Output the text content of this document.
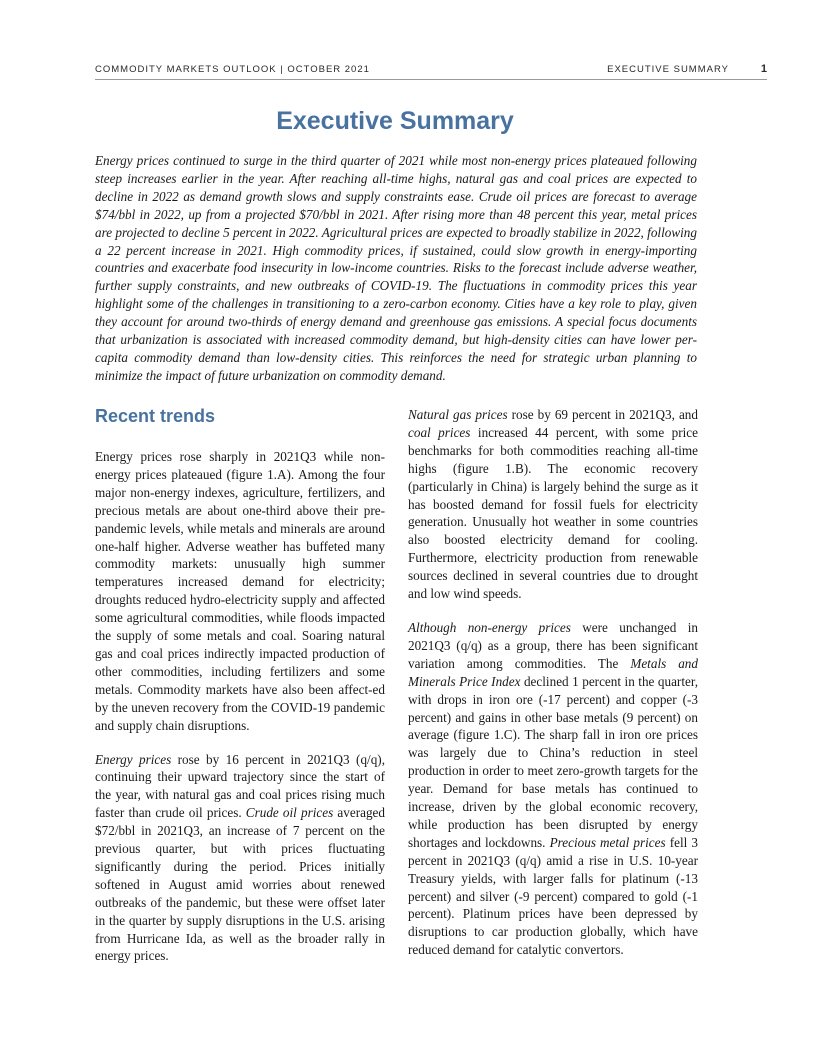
COMMODITY MARKETS OUTLOOK | OCTOBER 2021	EXECUTIVE SUMMARY	1
Executive Summary

Energy prices continued to surge in the third quarter of 2021 while most non-energy prices plateaued following steep increases earlier in the year. After reaching all-time highs, natural gas and coal prices are expected to decline in 2022 as demand growth slows and supply constraints ease. Crude oil prices are forecast to average $74/bbl in 2022, up from a projected $70/bbl in 2021. After rising more than 48 percent this year, metal prices are projected to decline 5 percent in 2022. Agricultural prices are expected to broadly stabilize in 2022, following a 22 percent increase in 2021. High commodity prices, if sustained, could slow growth in energy-importing countries and exacerbate food insecurity in low-income countries. Risks to the forecast include adverse weather, further supply constraints, and new outbreaks of COVID-19. The fluctuations in commodity prices this year highlight some of the challenges in transitioning to a zero-carbon economy. Cities have a key role to play, given they account for around two-thirds of energy demand and greenhouse gas emissions. A special focus documents that urbanization is associated with increased commodity demand, but high-density cities can have lower per-capita commodity demand than low-density cities. This reinforces the need for strategic urban planning to minimize the impact of future urbanization on commodity demand.

Recent trends

Energy prices rose sharply in 2021Q3 while non-energy prices plateaued (figure 1.A). Among the four major non-energy indexes, agriculture, fertilizers, and precious metals are about one-third above their pre-pandemic levels, while metals and minerals are around one-half higher. Adverse weather has buffeted many commodity markets: unusually high summer temperatures increased demand for electricity; droughts reduced hydro-electricity supply and affected some agricultural commodities, while floods impacted the supply of some metals and coal. Soaring natural gas and coal prices indirectly impacted production of other commodities, including fertilizers and some metals. Commodity markets have also been affect-ed by the uneven recovery from the COVID-19 pandemic and supply chain disruptions.

Energy prices rose by 16 percent in 2021Q3 (q/q), continuing their upward trajectory since the start of the year, with natural gas and coal prices rising much faster than crude oil prices. Crude oil prices averaged $72/bbl in 2021Q3, an increase of 7 percent on the previous quarter, but with prices fluctuating significantly during the period. Prices initially softened in August amid worries about renewed outbreaks of the pandemic, but these were offset later in the quarter by supply disruptions in the U.S. arising from Hurricane Ida, as well as the broader rally in energy prices.

Natural gas prices rose by 69 percent in 2021Q3, and coal prices increased 44 percent, with some price benchmarks for both commodities reaching all-time highs (figure 1.B). The economic recovery (particularly in China) is largely behind the surge as it has boosted demand for fossil fuels for electricity generation. Unusually hot weather in some countries also boosted electricity demand for cooling. Furthermore, electricity production from renewable sources declined in several countries due to drought and low wind speeds.

Although non-energy prices were unchanged in 2021Q3 (q/q) as a group, there has been significant variation among commodities. The Metals and Minerals Price Index declined 1 percent in the quarter, with drops in iron ore (-17 percent) and copper (-3 percent) and gains in other base metals (9 percent) on average (figure 1.C). The sharp fall in iron ore prices was largely due to China’s reduction in steel production in order to meet zero-growth targets for the year. Demand for base metals has continued to increase, driven by the global economic recovery, while production has been disrupted by energy shortages and lockdowns. Precious metal prices fell 3 percent in 2021Q3 (q/q) amid a rise in U.S. 10-year Treasury yields, with larger falls for platinum (-13 percent) and silver (-9 percent) compared to gold (-1 percent). Platinum prices have been depressed by disruptions to car production globally, which have reduced demand for catalytic convertors.
